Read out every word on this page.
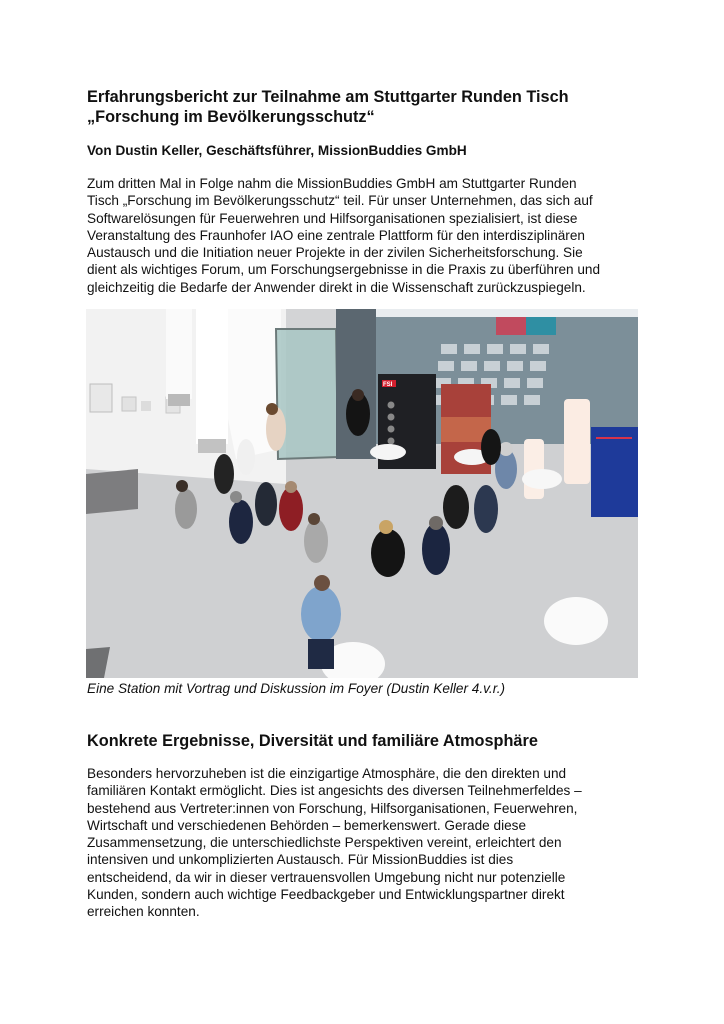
Erfahrungsbericht zur Teilnahme am Stuttgarter Runden Tisch
„Forschung im Bevölkerungsschutz“

Von Dustin Keller, Geschäftsführer, MissionBuddies GmbH

Zum dritten Mal in Folge nahm die MissionBuddies GmbH am Stuttgarter Runden
Tisch „Forschung im Bevölkerungsschutz“ teil. Für unser Unternehmen, das sich auf
Softwarelösungen für Feuerwehren und Hilfsorganisationen spezialisiert, ist diese
Veranstaltung des Fraunhofer IAO eine zentrale Plattform für den interdisziplinären
Austausch und die Initiation neuer Projekte in der zivilen Sicherheitsforschung. Sie
dient als wichtiges Forum, um Forschungsergebnisse in die Praxis zu überführen und
gleichzeitig die Bedarfe der Anwender direkt in die Wissenschaft zurückzuspiegeln.

FSI

Eine Station mit Vortrag und Diskussion im Foyer (Dustin Keller 4.v.r.)

Konkrete Ergebnisse, Diversität und familiäre Atmosphäre

Besonders hervorzuheben ist die einzigartige Atmosphäre, die den direkten und
familiären Kontakt ermöglicht. Dies ist angesichts des diversen Teilnehmerfeldes –
bestehend aus Vertreter:innen von Forschung, Hilfsorganisationen, Feuerwehren,
Wirtschaft und verschiedenen Behörden – bemerkenswert. Gerade diese
Zusammensetzung, die unterschiedlichste Perspektiven vereint, erleichtert den
intensiven und unkomplizierten Austausch. Für MissionBuddies ist dies
entscheidend, da wir in dieser vertrauensvollen Umgebung nicht nur potenzielle
Kunden, sondern auch wichtige Feedbackgeber und Entwicklungspartner direkt
erreichen konnten.
